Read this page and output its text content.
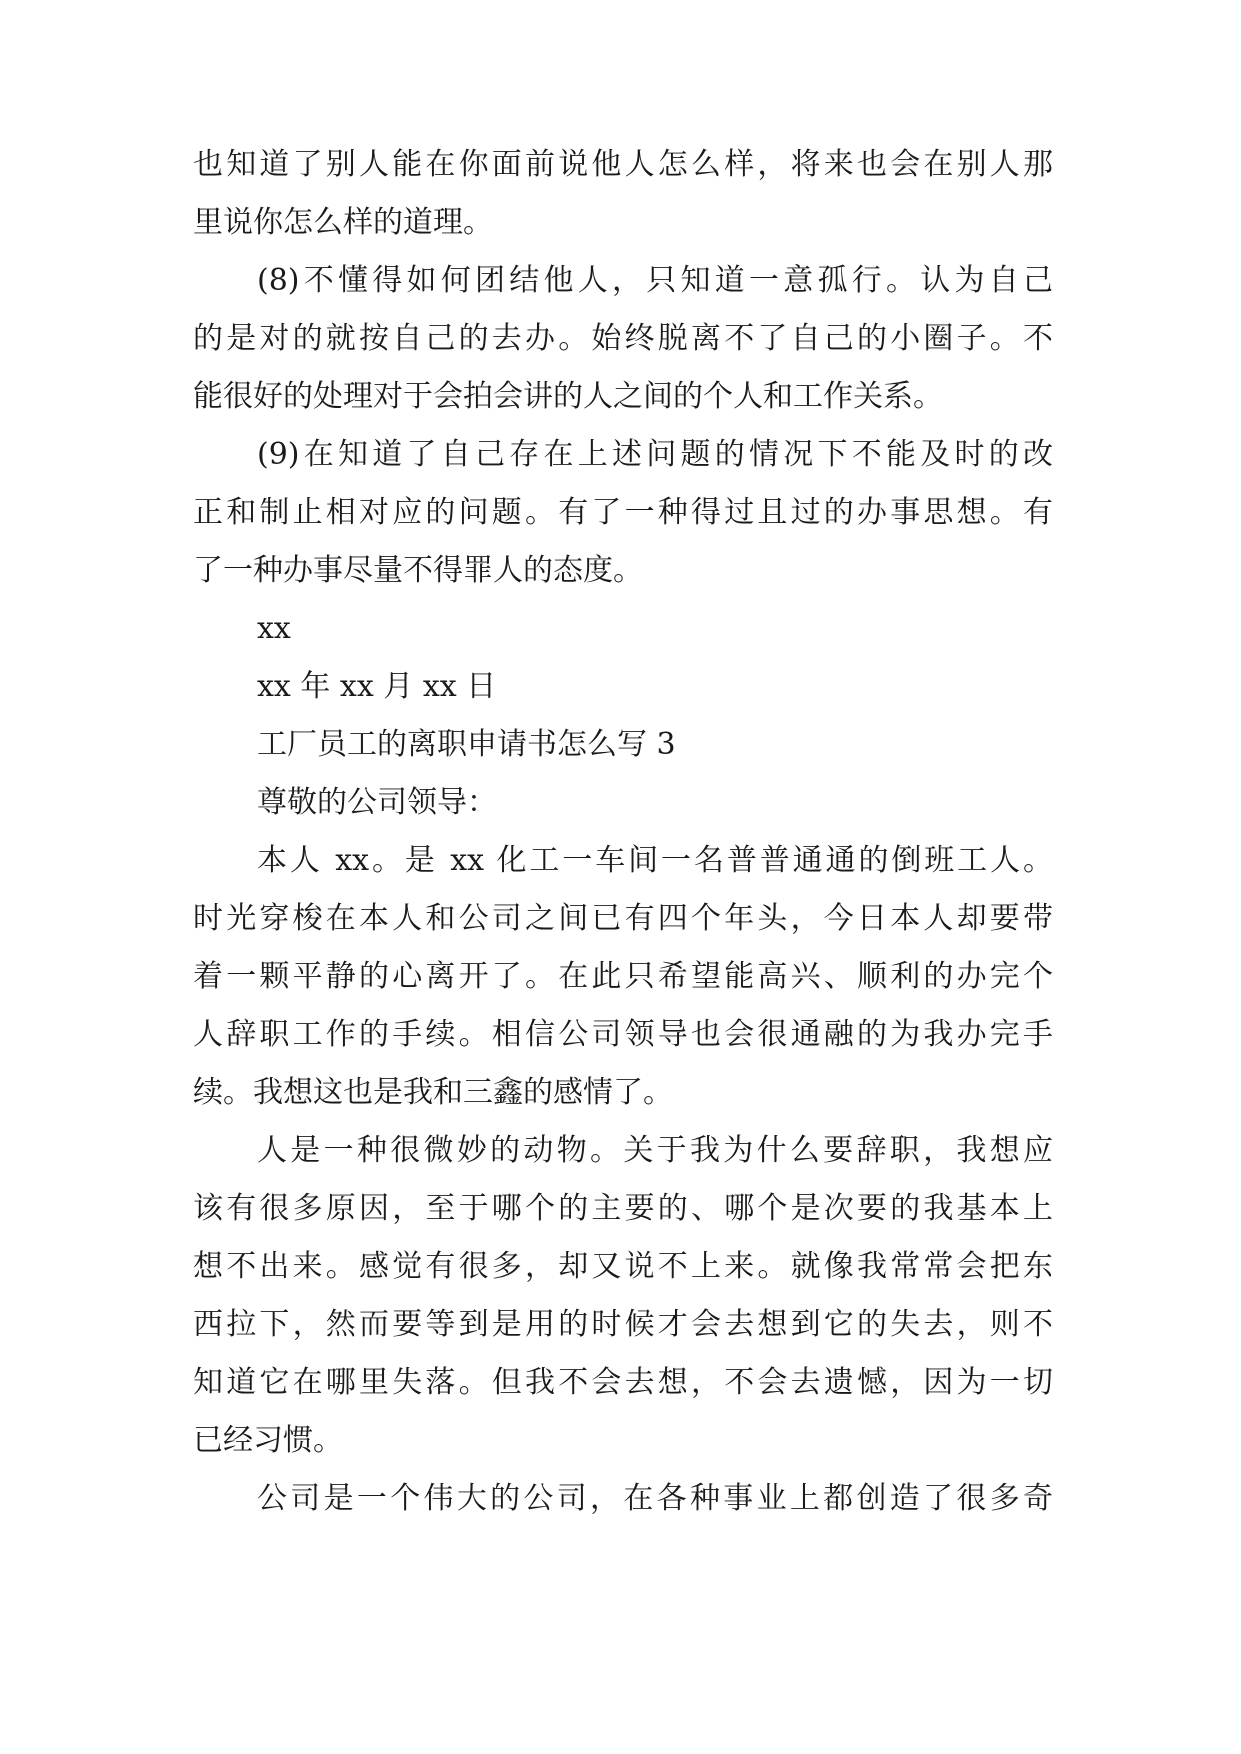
也知道了别人能在你面前说他人怎么样，将来也会在别人那
里说你怎么样的道理。
(8)不懂得如何团结他人，只知道一意孤行。认为自己
的是对的就按自己的去办。始终脱离不了自己的小圈子。不
能很好的处理对于会拍会讲的人之间的个人和工作关系。
(9)在知道了自己存在上述问题的情况下不能及时的改
正和制止相对应的问题。有了一种得过且过的办事思想。有
了一种办事尽量不得罪人的态度。
xx
xx 年 xx 月 xx 日
工厂员工的离职申请书怎么写 3
尊敬的公司领导：
本人 xx。是 xx 化工一车间一名普普通通的倒班工人。
时光穿梭在本人和公司之间已有四个年头，今日本人却要带
着一颗平静的心离开了。在此只希望能高兴、顺利的办完个
人辞职工作的手续。相信公司领导也会很通融的为我办完手
续。我想这也是我和三鑫的感情了。
人是一种很微妙的动物。关于我为什么要辞职，我想应
该有很多原因，至于哪个的主要的、哪个是次要的我基本上
想不出来。感觉有很多，却又说不上来。就像我常常会把东
西拉下，然而要等到是用的时候才会去想到它的失去，则不
知道它在哪里失落。但我不会去想，不会去遗憾，因为一切
已经习惯。
公司是一个伟大的公司，在各种事业上都创造了很多奇
